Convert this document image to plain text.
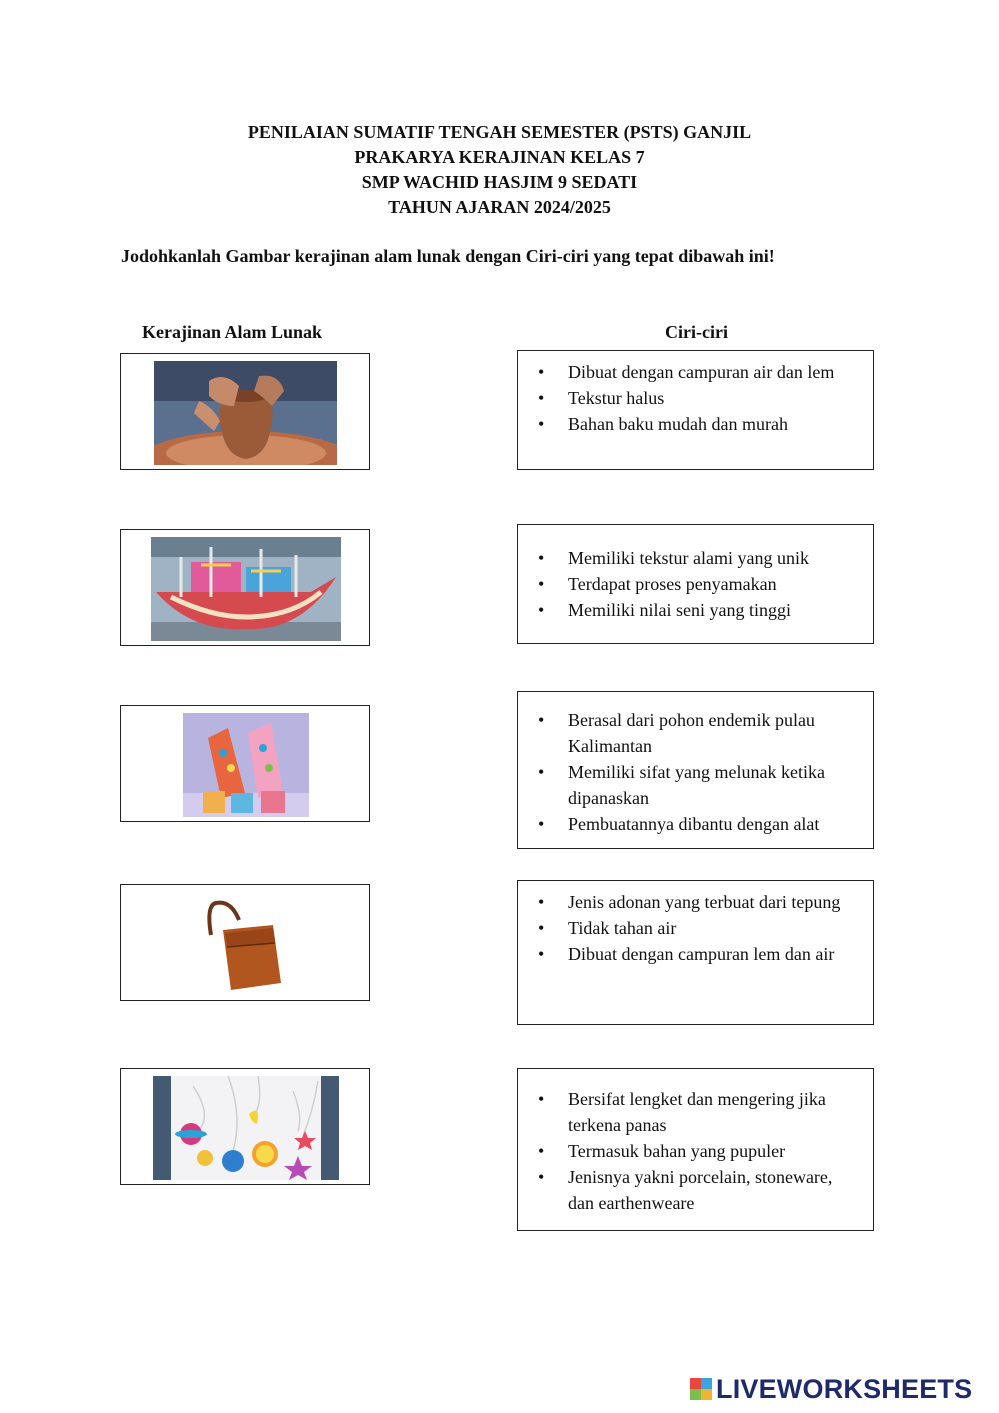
PENILAIAN SUMATIF TENGAH SEMESTER (PSTS) GANJIL
PRAKARYA KERAJINAN KELAS 7
SMP WACHID HASJIM 9 SEDATI
TAHUN AJARAN 2024/2025
Jodohkanlah Gambar kerajinan alam lunak dengan Ciri-ciri yang tepat dibawah ini!
Kerajinan Alam Lunak	Ciri-ciri
• Dibuat dengan campuran air dan lem
• Tekstur halus
• Bahan baku mudah dan murah
• Memiliki tekstur alami yang unik
• Terdapat proses penyamakan
• Memiliki nilai seni yang tinggi
• Berasal dari pohon endemik pulau Kalimantan
• Memiliki sifat yang melunak ketika dipanaskan
• Pembuatannya dibantu dengan alat
• Jenis adonan yang terbuat dari tepung
• Tidak tahan air
• Dibuat dengan campuran lem dan air
• Bersifat lengket dan mengering jika terkena panas
• Termasuk bahan yang pupuler
• Jenisnya yakni porcelain, stoneware, dan earthenweare
LIVEWORKSHEETS
